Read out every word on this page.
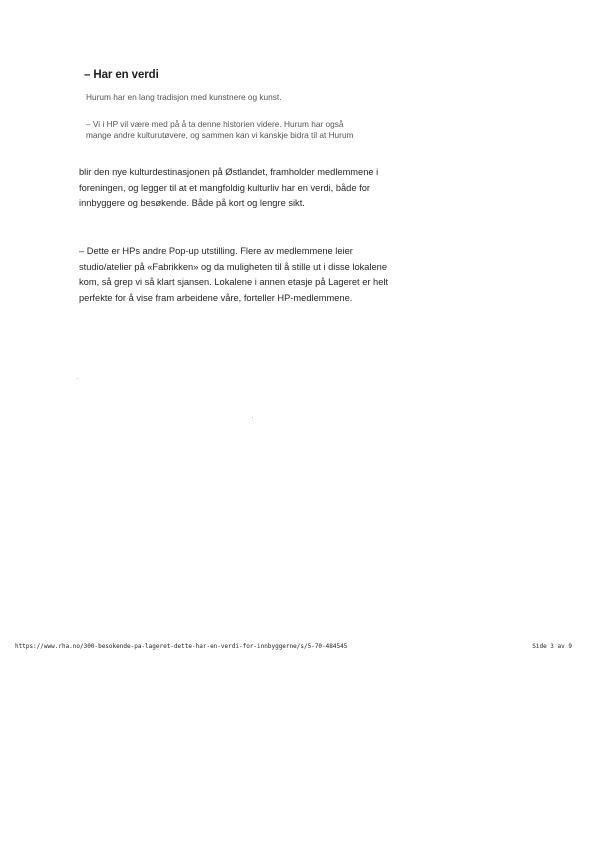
– Har en verdi

Hurum har en lang tradisjon med kunstnere og kunst.

– Vi i HP vil være med på å ta denne historien videre. Hurum har også
mange andre kulturutøvere, og sammen kan vi kanskje bidra til at Hurum
blir den nye kulturdestinasjonen på Østlandet, framholder medlemmene i
foreningen, og legger til at et mangfoldig kulturliv har en verdi, både for
innbyggere og besøkende. Både på kort og lengre sikt.
– Dette er HPs andre Pop-up utstilling. Flere av medlemmene leier
studio/atelier på «Fabrikken» og da muligheten til å stille ut i disse lokalene
kom, så grep vi så klart sjansen. Lokalene i annen etasje på Lageret er helt
perfekte for å vise fram arbeidene våre, forteller HP-medlemmene.
https://www.rha.no/300-besokende-pa-lageret-dette-har-en-verdi-for-innbyggerne/s/5-70-484545	Side 3 av 9
